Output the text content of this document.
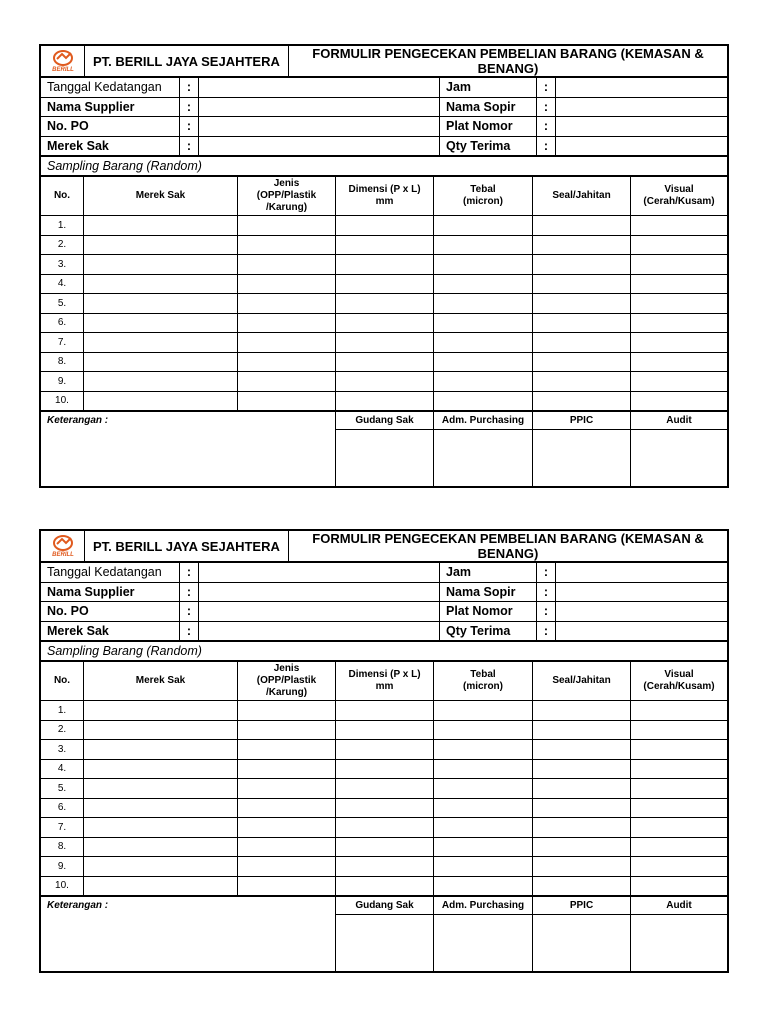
BERILL
	PT. BERILL JAYA SEJAHTERA	FORMULIR PENGECEKAN PEMBELIAN BARANG (KEMASAN & BENANG)
Tanggal Kedatangan	:		Jam	:	
Nama Supplier	:		Nama Sopir	:	
No. PO	:		Plat Nomor	:	
Merek Sak	:		Qty Terima	:	
Sampling Barang (Random)
No.	Merek Sak	Jenis
(OPP/Plastik
/Karung)	Dimensi (P x L)
mm	Tebal
(micron)	Seal/Jahitan	Visual
(Cerah/Kusam)
1.						
2.						
3.						
4.						
5.						
6.						
7.						
8.						
9.						
10.						
Keterangan :	Gudang Sak	Adm. Purchasing	PPIC	Audit

BERILL
	PT. BERILL JAYA SEJAHTERA	FORMULIR PENGECEKAN PEMBELIAN BARANG (KEMASAN & BENANG)
Tanggal Kedatangan	:		Jam	:	
Nama Supplier	:		Nama Sopir	:	
No. PO	:		Plat Nomor	:	
Merek Sak	:		Qty Terima	:	
Sampling Barang (Random)
No.	Merek Sak	Jenis
(OPP/Plastik
/Karung)	Dimensi (P x L)
mm	Tebal
(micron)	Seal/Jahitan	Visual
(Cerah/Kusam)
1.						
2.						
3.						
4.						
5.						
6.						
7.						
8.						
9.						
10.						
Keterangan :	Gudang Sak	Adm. Purchasing	PPIC	Audit
